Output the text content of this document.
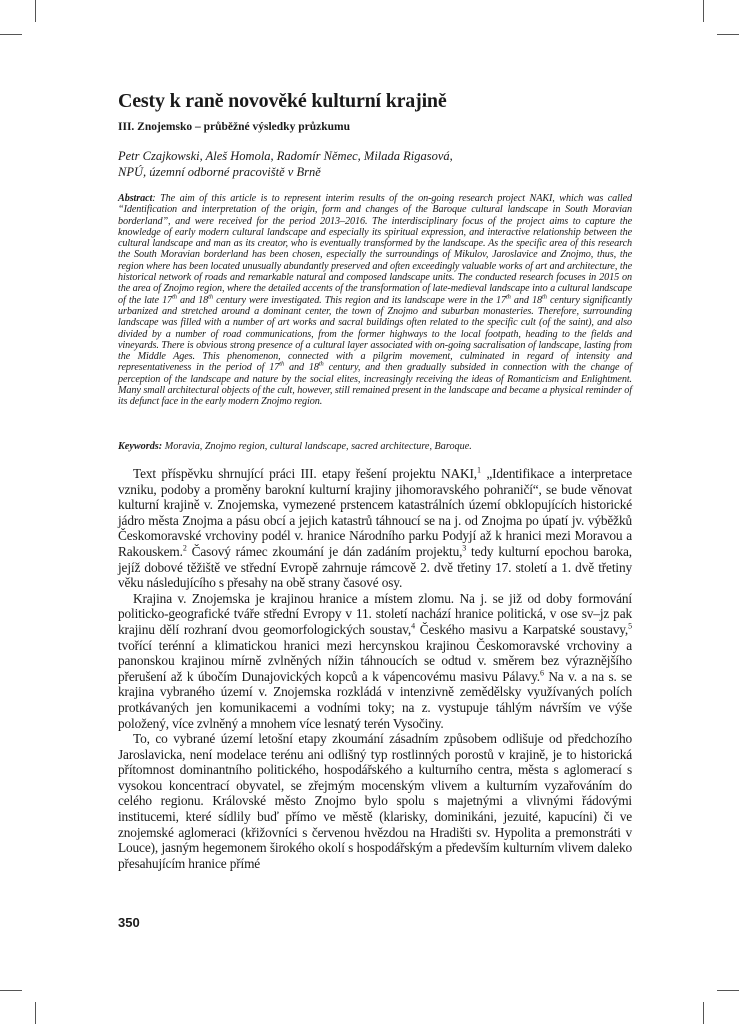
Cesty k raně novověké kulturní krajině
III. Znojemsko – průběžné výsledky průzkumu
Petr Czajkowski, Aleš Homola, Radomír Němec, Milada Rigasová,
NPÚ, územní odborné pracoviště v Brně

Abstract: The aim of this article is to represent interim results of the on-going research project NAKI, which was called “Identification and interpretation of the origin, form and changes of the Baroque cultural landscape in South Moravian borderland”, and were received for the period 2013–2016. The interdisciplinary focus of the project aims to capture the knowledge of early modern cultural landscape and especially its spiritual expression, and interactive relationship between the cultural landscape and man as its creator, who is eventually transformed by the landscape. As the specific area of this research the South Moravian borderland has been chosen, especially the surroundings of Mikulov, Jaroslavice and Znojmo, thus, the region where has been located unusually abundantly preserved and often exceedingly valuable works of art and architecture, the historical network of roads and remarkable natural and composed landscape units. The conducted research focuses in 2015 on the area of Znojmo region, where the detailed accents of the transformation of late-medieval landscape into a cultural landscape of the late 17th and 18th century were investigated. This region and its landscape were in the 17th and 18th century significantly urbanized and stretched around a dominant center, the town of Znojmo and suburban monasteries. Therefore, surrounding landscape was filled with a number of art works and sacral buildings often related to the specific cult (of the saint), and also divided by a number of road communications, from the former highways to the local footpath, heading to the fields and vineyards. There is obvious strong presence of a cultural layer associated with on-going sacralisation of landscape, lasting from the Middle Ages. This phenomenon, connected with a pilgrim movement, culminated in regard of intensity and representativeness in the period of 17th and 18th century, and then gradually subsided in connection with the change of perception of the landscape and nature by the social elites, increasingly receiving the ideas of Romanticism and Enlightment. Many small architectural objects of the cult, however, still remained present in the landscape and became a physical reminder of its defunct face in the early modern Znojmo region.

Keywords: Moravia, Znojmo region, cultural landscape, sacred architecture, Baroque.

Text příspěvku shrnující práci III. etapy řešení projektu NAKI,$^1$ „Identifikace a interpretace vzniku, podoby a proměny barokní kulturní krajiny jihomoravského pohraničí“, se bude věnovat kulturní krajině v. Znojemska, vymezené prstencem katastrálních území obklopujících historické jádro města Znojma a pásu obcí a jejich katastrů táhnoucí se na j. od Znojma po úpatí jv. výběžků Českomoravské vrchoviny podél v. hranice Národního parku Podyjí až k hranici mezi Moravou a Rakouskem.$^2$ Časový rámec zkoumání je dán zadáním projektu,$^3$ tedy kulturní epochou baroka, jejíž dobové těžiště ve střední Evropě zahrnuje rámcově 2. dvě třetiny 17. století a 1. dvě třetiny věku následujícího s přesahy na obě strany časové osy.

Krajina v. Znojemska je krajinou hranice a místem zlomu. Na j. se již od doby formování politicko-geografické tváře střední Evropy v 11. století nachází hranice politická, v ose sv–jz pak krajinu dělí rozhraní dvou geomorfologických soustav,$^4$ Českého masivu a Karpatské soustavy,$^5$ tvořící terénní a klimatickou hranici mezi hercynskou krajinou Českomoravské vrchoviny a panonskou krajinou mírně zvlněných nížin táhnoucích se odtud v. směrem bez výraznějšího přerušení až k úbočím Dunajovických kopců a k vápencovému masivu Pálavy.$^6$ Na v. a na s. se krajina vybraného území v. Znojemska rozkládá v intenzivně zemědělsky využívaných polích protkávaných jen komunikacemi a vodními toky; na z. vystupuje táhlým návrším ve výše položený, více zvlněný a mnohem více lesnatý terén Vysočiny.

To, co vybrané území letošní etapy zkoumání zásadním způsobem odlišuje od předchozího Jaroslavicka, není modelace terénu ani odlišný typ rostlinných porostů v krajině, je to historická přítomnost dominantního politického, hospodářského a kulturního centra, města s aglomerací s vysokou koncentrací obyvatel, se zřejmým mocenským vlivem a kulturním vyzařováním do celého regionu. Královské město Znojmo bylo spolu s majetnými a vlivnými řádovými institucemi, které sídlily buď přímo ve městě (klarisky, dominikáni, jezuité, kapucíni) či ve znojemské aglomeraci (křižovníci s červenou hvězdou na Hradišti sv. Hypolita a premonstráti v Louce), jasným hegemonem širokého okolí s hospodářským a především kulturním vlivem daleko přesahujícím hranice přímé

350
